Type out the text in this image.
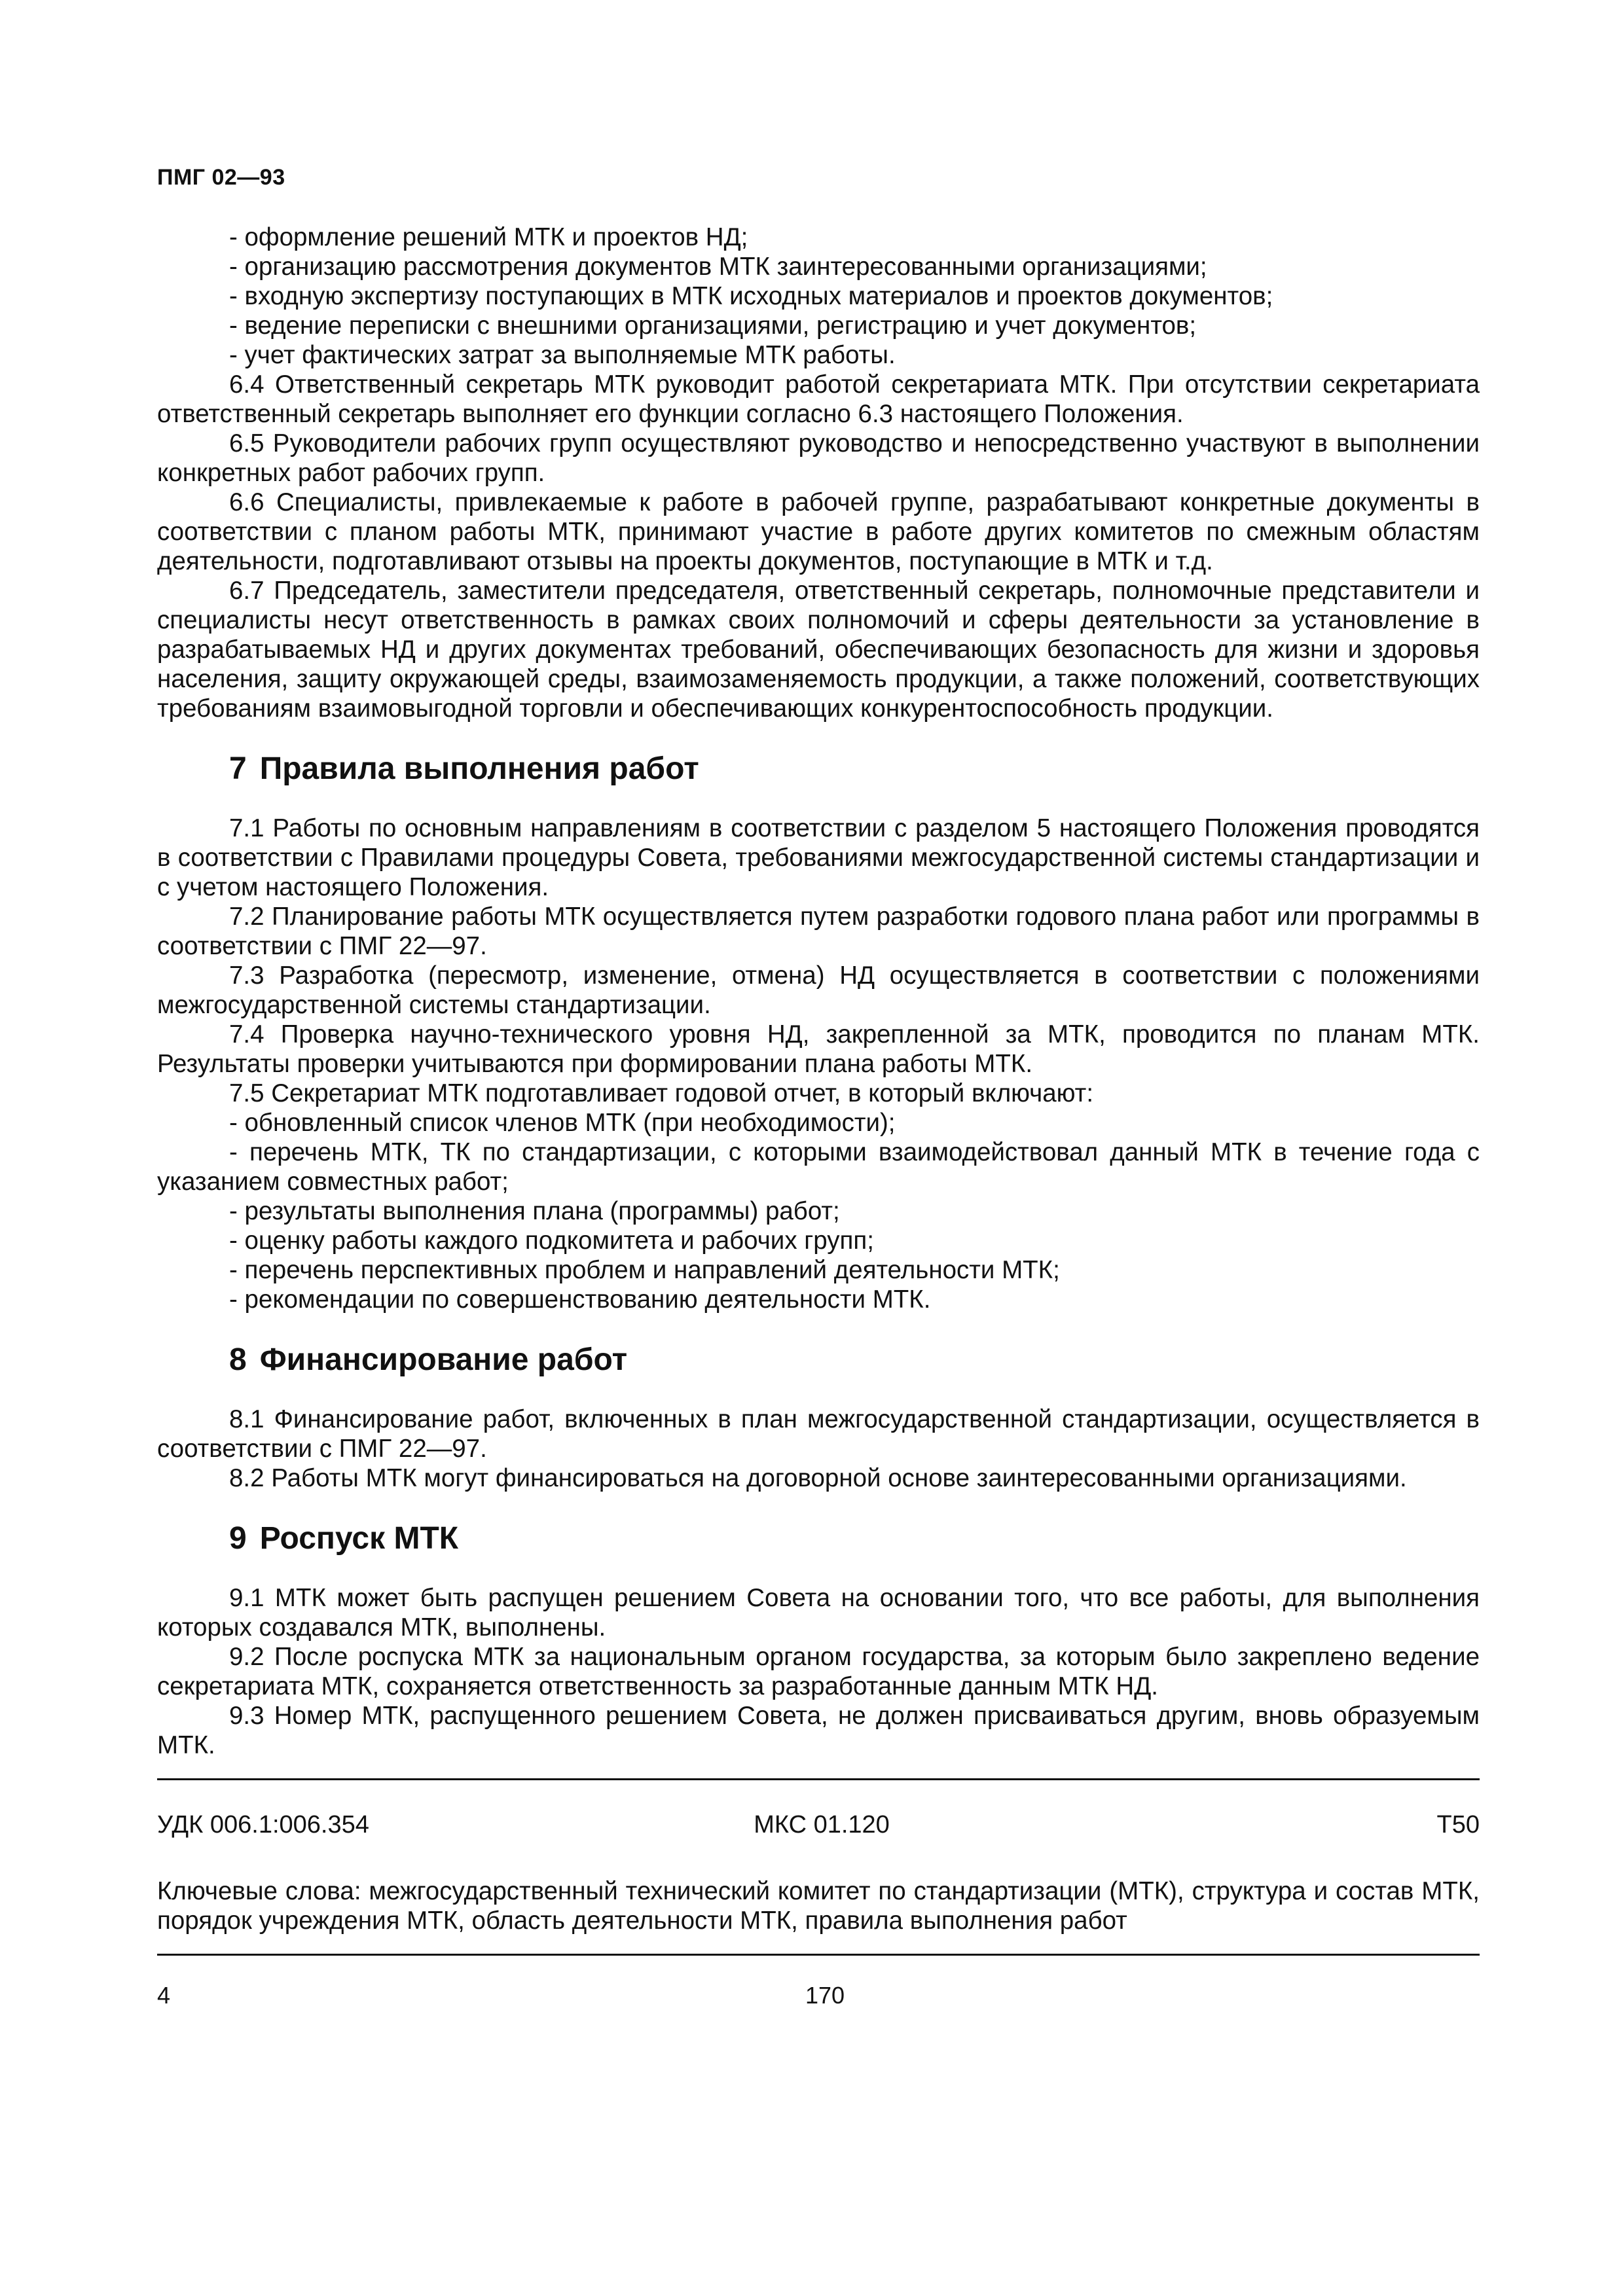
ПМГ 02—93

- оформление решений МТК и проектов НД;

- организацию рассмотрения документов МТК заинтересованными организациями;

- входную экспертизу поступающих в МТК исходных материалов и проектов документов;

- ведение переписки с внешними организациями, регистрацию и учет документов;

- учет фактических затрат за выполняемые МТК работы.

6.4 Ответственный секретарь МТК руководит работой секретариата МТК. При отсутствии секретариата ответственный секретарь выполняет его функции согласно 6.3 настоящего Положения.

6.5 Руководители рабочих групп осуществляют руководство и непосредственно участвуют в выполнении конкретных работ рабочих групп.

6.6 Специалисты, привлекаемые к работе в рабочей группе, разрабатывают конкретные документы в соответствии с планом работы МТК, принимают участие в работе других комитетов по смежным областям деятельности, подготавливают отзывы на проекты документов, поступающие в МТК и т.д.

6.7 Председатель, заместители председателя, ответственный секретарь, полномочные представители и специалисты несут ответственность в рамках своих полномочий и сферы деятельности за установление в разрабатываемых НД и других документах требований, обеспечивающих безопасность для жизни и здоровья населения, защиту окружающей среды, взаимозаменяемость продукции, а также положений, соответствующих требованиям взаимовыгодной торговли и обеспечивающих конкурентоспособность продукции.

7 Правила выполнения работ

7.1 Работы по основным направлениям в соответствии с разделом 5 настоящего Положения проводятся в соответствии с Правилами процедуры Совета, требованиями межгосударственной системы стандартизации и с учетом настоящего Положения.

7.2 Планирование работы МТК осуществляется путем разработки годового плана работ или программы в соответствии с ПМГ 22—97.

7.3 Разработка (пересмотр, изменение, отмена) НД осуществляется в соответствии с положениями межгосударственной системы стандартизации.

7.4 Проверка научно-технического уровня НД, закрепленной за МТК, проводится по планам МТК. Результаты проверки учитываются при формировании плана работы МТК.

7.5 Секретариат МТК подготавливает годовой отчет, в который включают:

- обновленный список членов МТК (при необходимости);

- перечень МТК, ТК по стандартизации, с которыми взаимодействовал данный МТК в течение года с указанием совместных работ;

- результаты выполнения плана (программы) работ;

- оценку работы каждого подкомитета и рабочих групп;

- перечень перспективных проблем и направлений деятельности МТК;

- рекомендации по совершенствованию деятельности МТК.

8 Финансирование работ

8.1 Финансирование работ, включенных в план межгосударственной стандартизации, осуществляется в соответствии с ПМГ 22—97.

8.2 Работы МТК могут финансироваться на договорной основе заинтересованными организациями.

9 Роспуск МТК

9.1 МТК может быть распущен решением Совета на основании того, что все работы, для выполнения которых создавался МТК, выполнены.

9.2 После роспуска МТК за национальным органом государства, за которым было закреплено ведение секретариата МТК, сохраняется ответственность за разработанные данным МТК НД.

9.3 Номер МТК, распущенного решением Совета, не должен присваиваться другим, вновь образуемым МТК.

УДК 006.1:006.354	МКС 01.120	Т50

Ключевые слова: межгосударственный технический комитет по стандартизации (МТК), структура и состав МТК, порядок учреждения МТК, область деятельности МТК, правила выполнения работ

4	170
